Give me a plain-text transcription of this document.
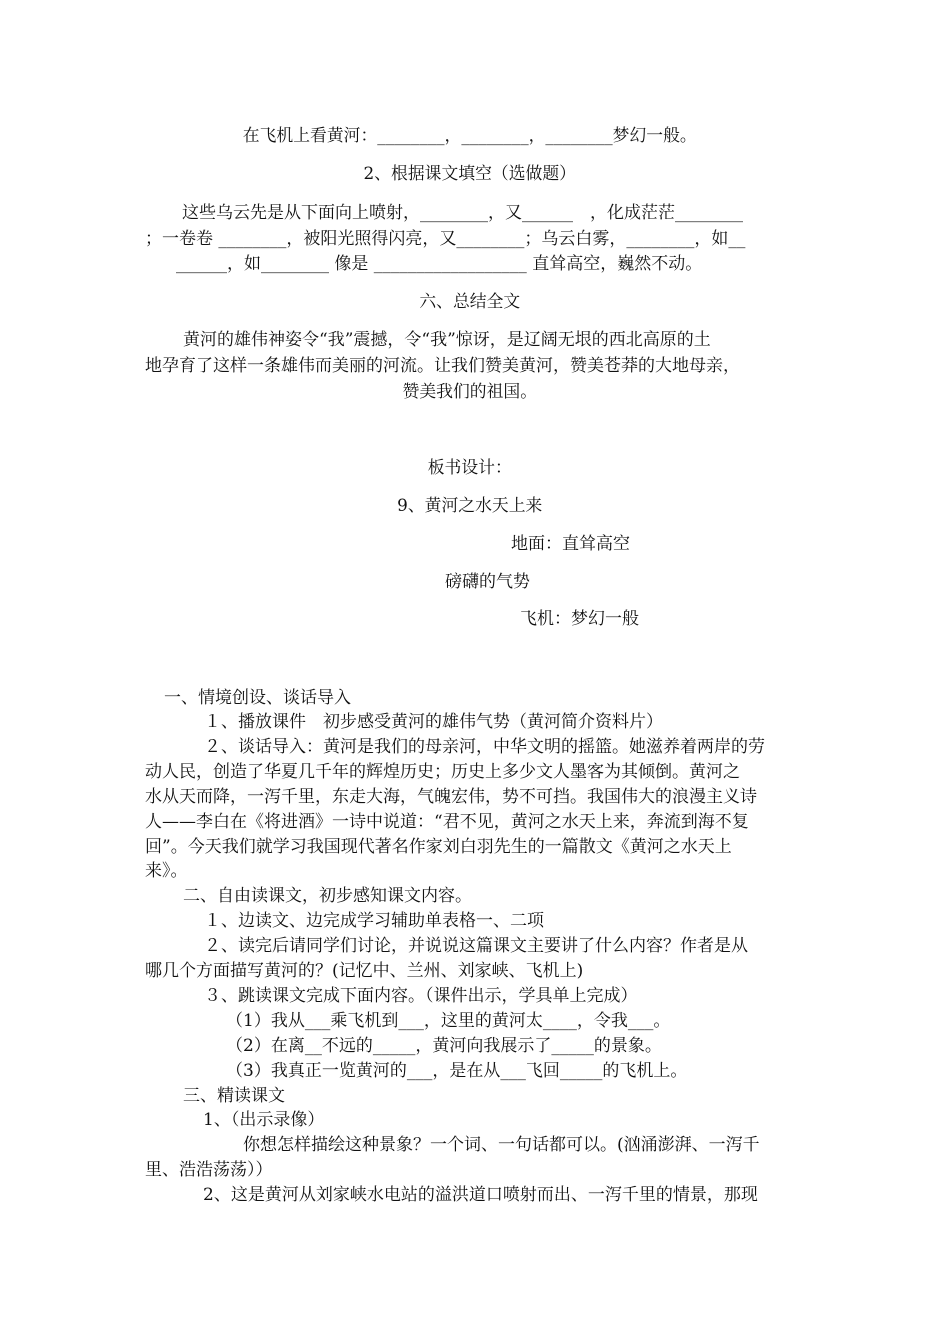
在飞机上看黄河：________，________，________梦幻一般。
2、根据课文填空（选做题）
这些乌云先是从下面向上喷射，________，又______　，化成茫茫________
；一卷卷 ________，被阳光照得闪亮，又________；乌云白雾，________，如__
______，如________ 像是 __________________ 直耸高空，巍然不动。
六、总结全文
黄河的雄伟神姿令“我”震撼，令“我”惊讶，是辽阔无垠的西北高原的土
地孕育了这样一条雄伟而美丽的河流。让我们赞美黄河，赞美苍莽的大地母亲，
赞美我们的祖国。
板书设计：
9、黄河之水天上来
地面：直耸高空
磅礴的气势
飞机：梦幻一般
一、情境创设、谈话导入
１、播放课件　初步感受黄河的雄伟气势（黄河简介资料片）
２、谈话导入：黄河是我们的母亲河，中华文明的摇篮。她滋养着两岸的劳
动人民，创造了华夏几千年的辉煌历史；历史上多少文人墨客为其倾倒。黄河之
水从天而降，一泻千里，东走大海，气魄宏伟，势不可挡。我国伟大的浪漫主义诗
人——李白在《将进酒》一诗中说道：“君不见，黄河之水天上来，奔流到海不复
回”。今天我们就学习我国现代著名作家刘白羽先生的一篇散文《黄河之水天上
来》。
二、自由读课文，初步感知课文内容。
１、边读文、边完成学习辅助单表格一、二项
２、读完后请同学们讨论，并说说这篇课文主要讲了什么内容？作者是从
哪几个方面描写黄河的？(记忆中、兰州、刘家峡、飞机上)
３、跳读课文完成下面内容。（课件出示，学具单上完成）
（1）我从___乘飞机到___，这里的黄河太____，令我___。
（2）在离__不远的_____，黄河向我展示了_____的景象。
（3）我真正一览黄河的___，是在从___飞回_____的飞机上。
三、精读课文
1、（出示录像）
你想怎样描绘这种景象？一个词、一句话都可以。(汹涌澎湃、一泻千
里、浩浩荡荡））
2、这是黄河从刘家峡水电站的溢洪道口喷射而出、一泻千里的情景，那现
